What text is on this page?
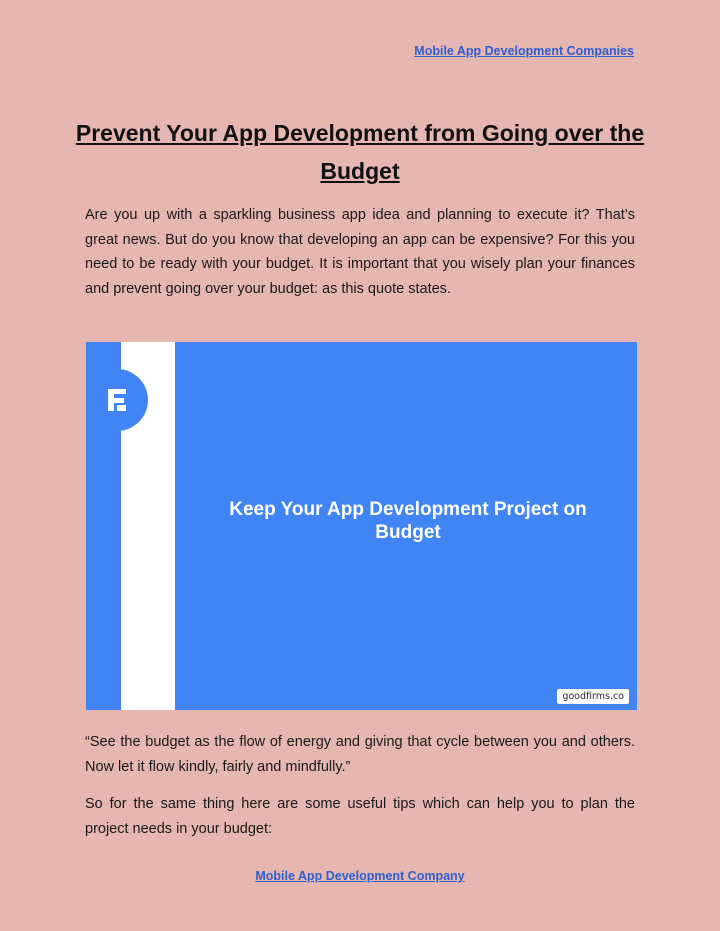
Mobile App Development Companies
Prevent Your App Development from Going over the Budget

Are you up with a sparkling business app idea and planning to execute it? That’s great news. But do you know that developing an app can be expensive? For this you need to be ready with your budget. It is important that you wisely plan your finances and prevent going over your budget: as this quote states.

Keep Your App Development Project on Budget
goodfirms.co

“See the budget as the flow of energy and giving that cycle between you and others. Now let it flow kindly, fairly and mindfully.”

So for the same thing here are some useful tips which can help you to plan the project needs in your budget:

Mobile App Development Company
